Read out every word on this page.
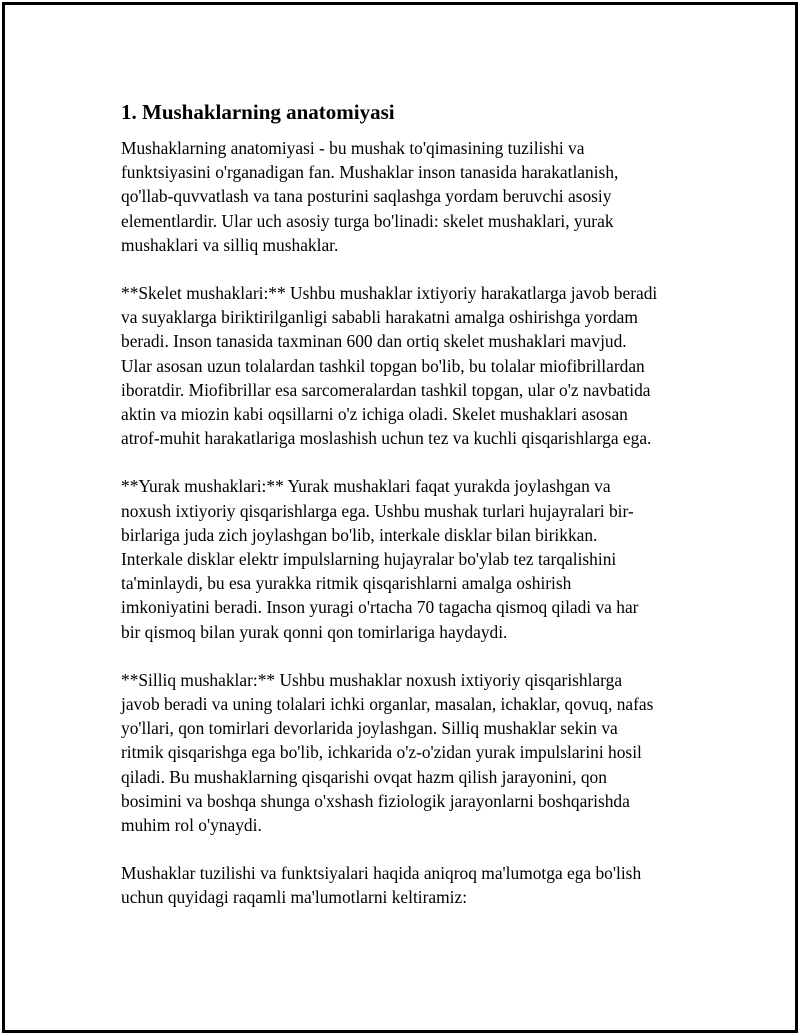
1. Mushaklarning anatomiyasi

Mushaklarning anatomiyasi - bu mushak to'qimasining tuzilishi va
funktsiyasini o'rganadigan fan. Mushaklar inson tanasida harakatlanish,
qo'llab-quvvatlash va tana posturini saqlashga yordam beruvchi asosiy
elementlardir. Ular uch asosiy turga bo'linadi: skelet mushaklari, yurak
mushaklari va silliq mushaklar.

**Skelet mushaklari:** Ushbu mushaklar ixtiyoriy harakatlarga javob beradi
va suyaklarga biriktirilganligi sababli harakatni amalga oshirishga yordam
beradi. Inson tanasida taxminan 600 dan ortiq skelet mushaklari mavjud.
Ular asosan uzun tolalardan tashkil topgan bo'lib, bu tolalar miofibrillardan
iboratdir. Miofibrillar esa sarcomeralardan tashkil topgan, ular o'z navbatida
aktin va miozin kabi oqsillarni o'z ichiga oladi. Skelet mushaklari asosan
atrof-muhit harakatlariga moslashish uchun tez va kuchli qisqarishlarga ega.

**Yurak mushaklari:** Yurak mushaklari faqat yurakda joylashgan va
noxush ixtiyoriy qisqarishlarga ega. Ushbu mushak turlari hujayralari bir-
birlariga juda zich joylashgan bo'lib, interkale disklar bilan birikkan.
Interkale disklar elektr impulslarning hujayralar bo'ylab tez tarqalishini
ta'minlaydi, bu esa yurakka ritmik qisqarishlarni amalga oshirish
imkoniyatini beradi. Inson yuragi o'rtacha 70 tagacha qismoq qiladi va har
bir qismoq bilan yurak qonni qon tomirlariga haydaydi.

**Silliq mushaklar:** Ushbu mushaklar noxush ixtiyoriy qisqarishlarga
javob beradi va uning tolalari ichki organlar, masalan, ichaklar, qovuq, nafas
yo'llari, qon tomirlari devorlarida joylashgan. Silliq mushaklar sekin va
ritmik qisqarishga ega bo'lib, ichkarida o'z-o'zidan yurak impulslarini hosil
qiladi. Bu mushaklarning qisqarishi ovqat hazm qilish jarayonini, qon
bosimini va boshqa shunga o'xshash fiziologik jarayonlarni boshqarishda
muhim rol o'ynaydi.

Mushaklar tuzilishi va funktsiyalari haqida aniqroq ma'lumotga ega bo'lish
uchun quyidagi raqamli ma'lumotlarni keltiramiz:
